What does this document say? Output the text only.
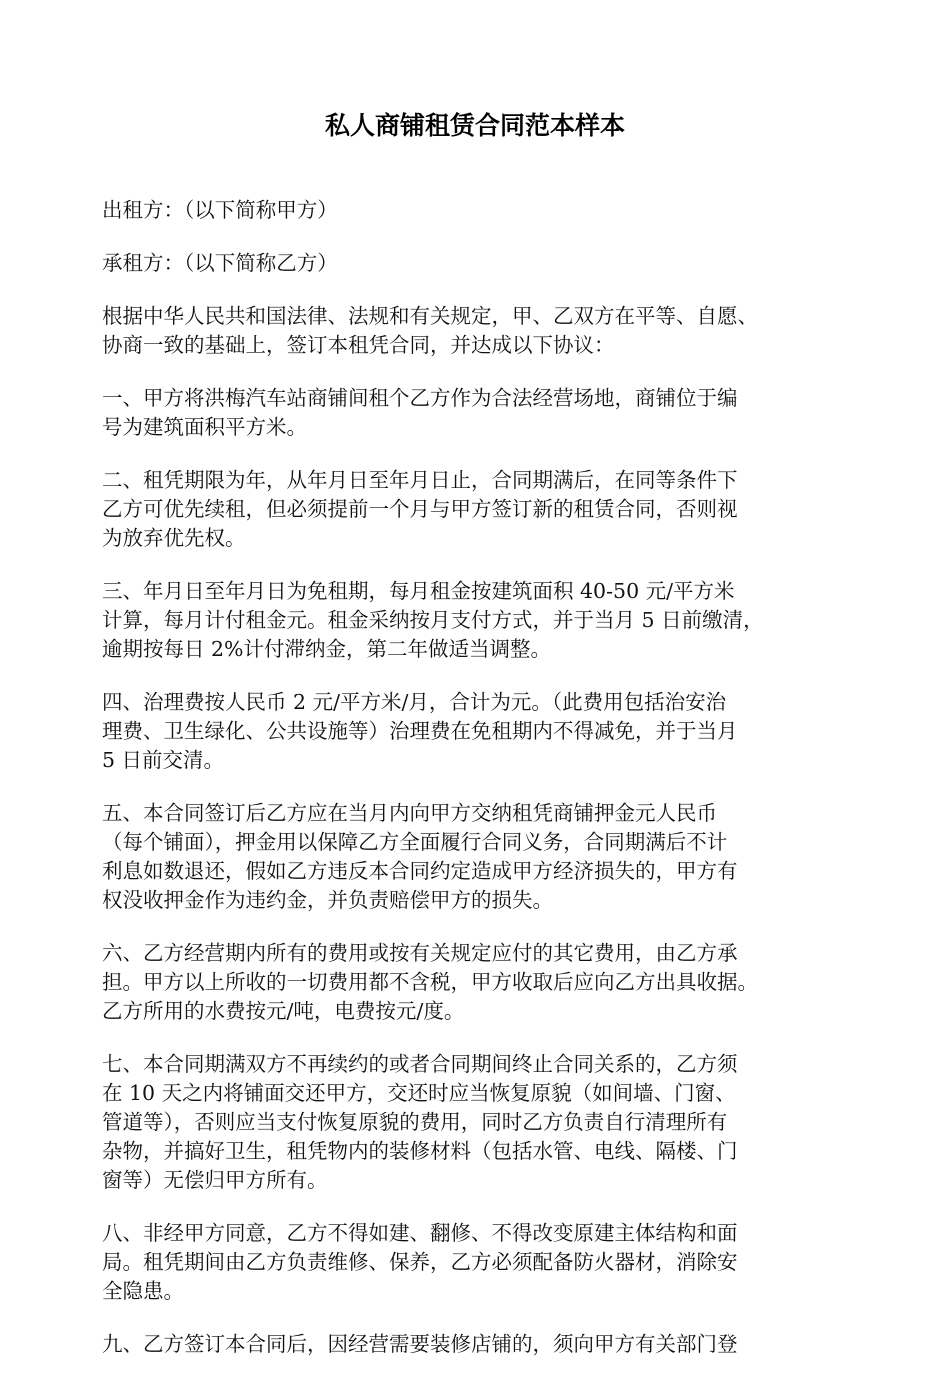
私人商铺租赁合同范本样本

出租方：（以下简称甲方）

承租方：（以下简称乙方）

根据中华人民共和国法律、法规和有关规定，甲、乙双方在平等、自愿、
协商一致的基础上，签订本租凭合同，并达成以下协议：

一、甲方将洪梅汽车站商铺间租个乙方作为合法经营场地，商铺位于编
号为建筑面积平方米。

二、租凭期限为年，从年月日至年月日止，合同期满后，在同等条件下
乙方可优先续租，但必须提前一个月与甲方签订新的租赁合同，否则视
为放弃优先权。

三、年月日至年月日为免租期，每月租金按建筑面积 40-50 元/平方米
计算，每月计付租金元。租金采纳按月支付方式，并于当月 5 日前缴清，
逾期按每日 2%计付滞纳金，第二年做适当调整。

四、治理费按人民币 2 元/平方米/月，合计为元。（此费用包括治安治
理费、卫生绿化、公共设施等）治理费在免租期内不得减免，并于当月
5 日前交清。

五、本合同签订后乙方应在当月内向甲方交纳租凭商铺押金元人民币
（每个铺面），押金用以保障乙方全面履行合同义务，合同期满后不计
利息如数退还，假如乙方违反本合同约定造成甲方经济损失的，甲方有
权没收押金作为违约金，并负责赔偿甲方的损失。

六、乙方经营期内所有的费用或按有关规定应付的其它费用，由乙方承
担。甲方以上所收的一切费用都不含税，甲方收取后应向乙方出具收据。
乙方所用的水费按元/吨，电费按元/度。

七、本合同期满双方不再续约的或者合同期间终止合同关系的，乙方须
在 10 天之内将铺面交还甲方，交还时应当恢复原貌（如间墙、门窗、
管道等），否则应当支付恢复原貌的费用，同时乙方负责自行清理所有
杂物，并搞好卫生，租凭物内的装修材料（包括水管、电线、隔楼、门
窗等）无偿归甲方所有。

八、非经甲方同意，乙方不得如建、翻修、不得改变原建主体结构和面
局。租凭期间由乙方负责维修、保养，乙方必须配备防火器材，消除安
全隐患。

九、乙方签订本合同后，因经营需要装修店铺的，须向甲方有关部门登
